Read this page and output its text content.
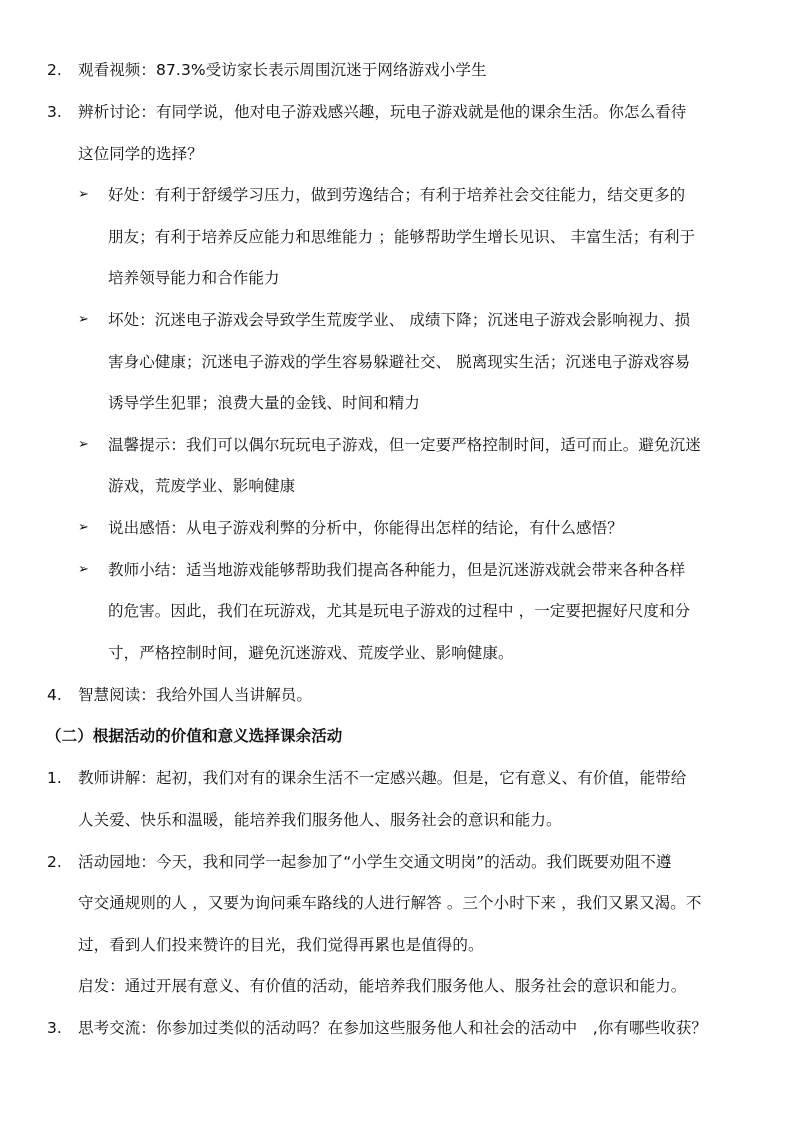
2. 观看视频：87.3%受访家长表示周围沉迷于网络游戏小学生
3. 辨析讨论：有同学说，他对电子游戏感兴趣，玩电子游戏就是他的课余生活。你怎么看待
这位同学的选择？
➢ 好处：有利于舒缓学习压力，做到劳逸结合；有利于培养社会交往能力，结交更多的
朋友；有利于培养反应能力和思维能力 ；能够帮助学生增长见识、 丰富生活；有利于
培养领导能力和合作能力
➢ 坏处：沉迷电子游戏会导致学生荒废学业、 成绩下降；沉迷电子游戏会影响视力、损
害身心健康；沉迷电子游戏的学生容易躲避社交、 脱离现实生活；沉迷电子游戏容易
诱导学生犯罪；浪费大量的金钱、时间和精力
➢ 温馨提示：我们可以偶尔玩玩电子游戏，但一定要严格控制时间，适可而止。避免沉迷
游戏，荒废学业、影响健康
➢ 说出感悟：从电子游戏利弊的分析中，你能得出怎样的结论，有什么感悟？
➢ 教师小结：适当地游戏能够帮助我们提高各种能力，但是沉迷游戏就会带来各种各样
的危害。因此，我们在玩游戏，尤其是玩电子游戏的过程中 ，一定要把握好尺度和分
寸，严格控制时间，避免沉迷游戏、荒废学业、影响健康。
4. 智慧阅读：我给外国人当讲解员。
（二）根据活动的价值和意义选择课余活动
1. 教师讲解：起初，我们对有的课余生活不一定感兴趣。但是，它有意义、有价值，能带给
人关爱、快乐和温暖，能培养我们服务他人、服务社会的意识和能力。
2. 活动园地：今天，我和同学一起参加了“小学生交通文明岗”的活动。我们既要劝阻不遵
守交通规则的人 ，又要为询问乘车路线的人进行解答 。三个小时下来 ，我们又累又渴。不
过，看到人们投来赞许的目光，我们觉得再累也是值得的。
启发：通过开展有意义、有价值的活动，能培养我们服务他人、服务社会的意识和能力。
3. 思考交流：你参加过类似的活动吗？在参加这些服务他人和社会的活动中　,你有哪些收获？
